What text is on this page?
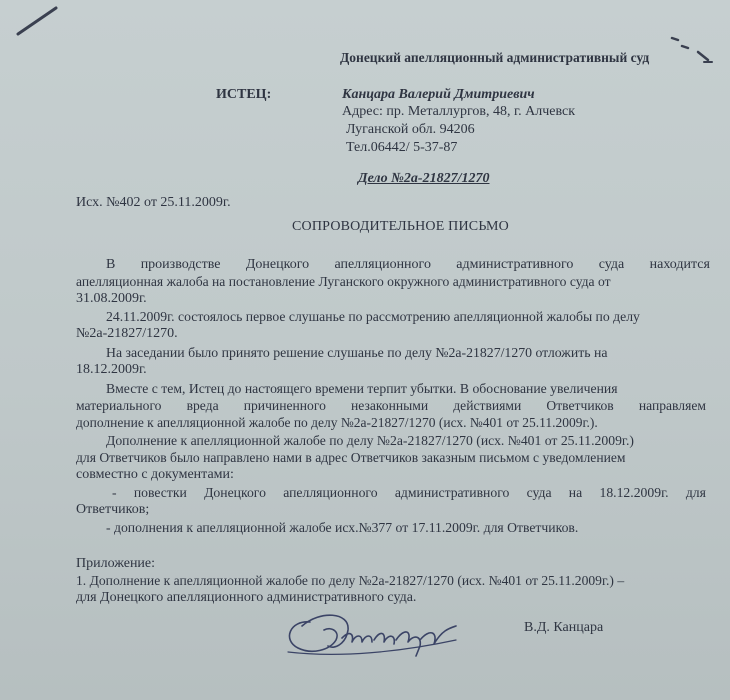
Донецкий апелляционный административный суд
ИСТЕЦ:	Канцара Валерий Дмитриевич
Адрес: пр. Металлургов, 48, г. Алчевск
Луганской обл. 94206
Тел.06442/ 5-37-87
Дело №2а-21827/1270
Исх. №402 от 25.11.2009г.
СОПРОВОДИТЕЛЬНОЕ ПИСЬМО
В производстве Донецкого апелляционного административного суда находится
апелляционная жалоба на постановление Луганского окружного административного суда от
31.08.2009г.
24.11.2009г. состоялось первое слушанье по рассмотрению апелляционной жалобы по делу
№2а-21827/1270.
На заседании было принято решение слушанье по делу №2а-21827/1270 отложить на
18.12.2009г.
Вместе с тем, Истец до настоящего времени терпит убытки. В обоснование увеличения
материального вреда причиненного незаконными действиями Ответчиков направляем
дополнение к апелляционной жалобе по делу №2а-21827/1270 (исх. №401 от 25.11.2009г.).
Дополнение к апелляционной жалобе по делу №2а-21827/1270 (исх. №401 от 25.11.2009г.)
для Ответчиков было направлено нами в адрес Ответчиков заказным письмом с уведомлением
совместно с документами:
- повестки Донецкого апелляционного административного суда на 18.12.2009г. для
Ответчиков;
- дополнения к апелляционной жалобе исх.№377 от 17.11.2009г. для Ответчиков.
Приложение:
1. Дополнение к апелляционной жалобе по делу №2а-21827/1270 (исх. №401 от 25.11.2009г.) –
для Донецкого апелляционного административного суда.
В.Д. Канцара
